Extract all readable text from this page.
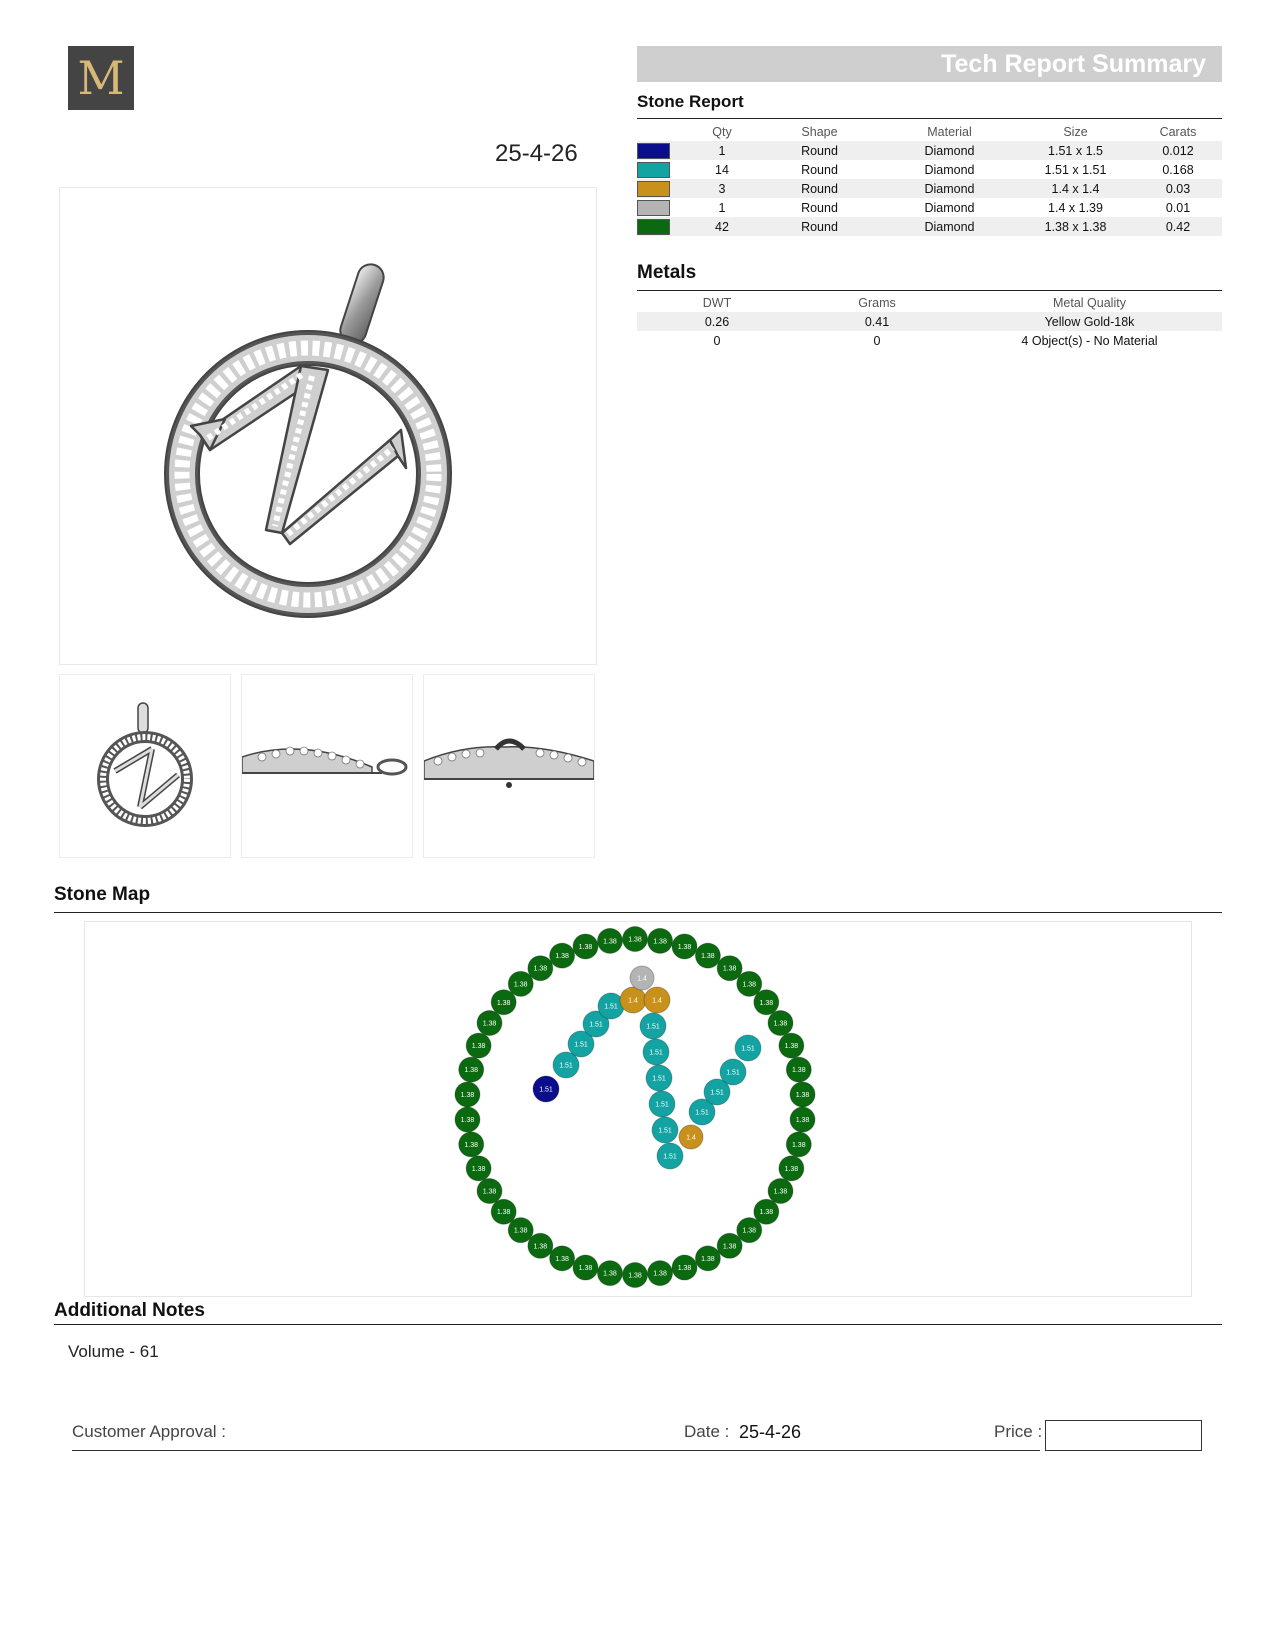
M
25-4-26
Tech Report Summary
Stone Report
	Qty	Shape	Material	Size	Carats

	1	Round	Diamond	1.51 x 1.5	0.012

	14	Round	Diamond	1.51 x 1.51	0.168

	3	Round	Diamond	1.4 x 1.4	0.03

	1	Round	Diamond	1.4 x 1.39	0.01

	42	Round	Diamond	1.38 x 1.38	0.42
Metals
DWT	Grams	Metal Quality
0.26	0.41	Yellow Gold-18k
0	0	4 Object(s) - No Material
Stone Map
1.38 1.38
1.38
1.38
1.38
1.38
1.38
1.38
1.38
1.38
1.38
1.38
1.38
1.38
1.38
1.38
1.38
1.38
1.38
1.38
1.38
1.38
1.38
1.38
1.38
1.38
1.38
1.38
1.38
1.38
1.38
1.38
1.38
1.38
1.38
1.38
1.38
1.38
1.38
1.38
1.38
1.38
1.51
1.51
1.51
1.51
1.51
1.4 1.4
1.4
1.51
1.51
1.51
1.51
1.51
1.51
1.4
1.51
1.51
1.51
1.51
Additional Notes
Volume - 61
Customer Approval :	Date : 25-4-26	Price :
